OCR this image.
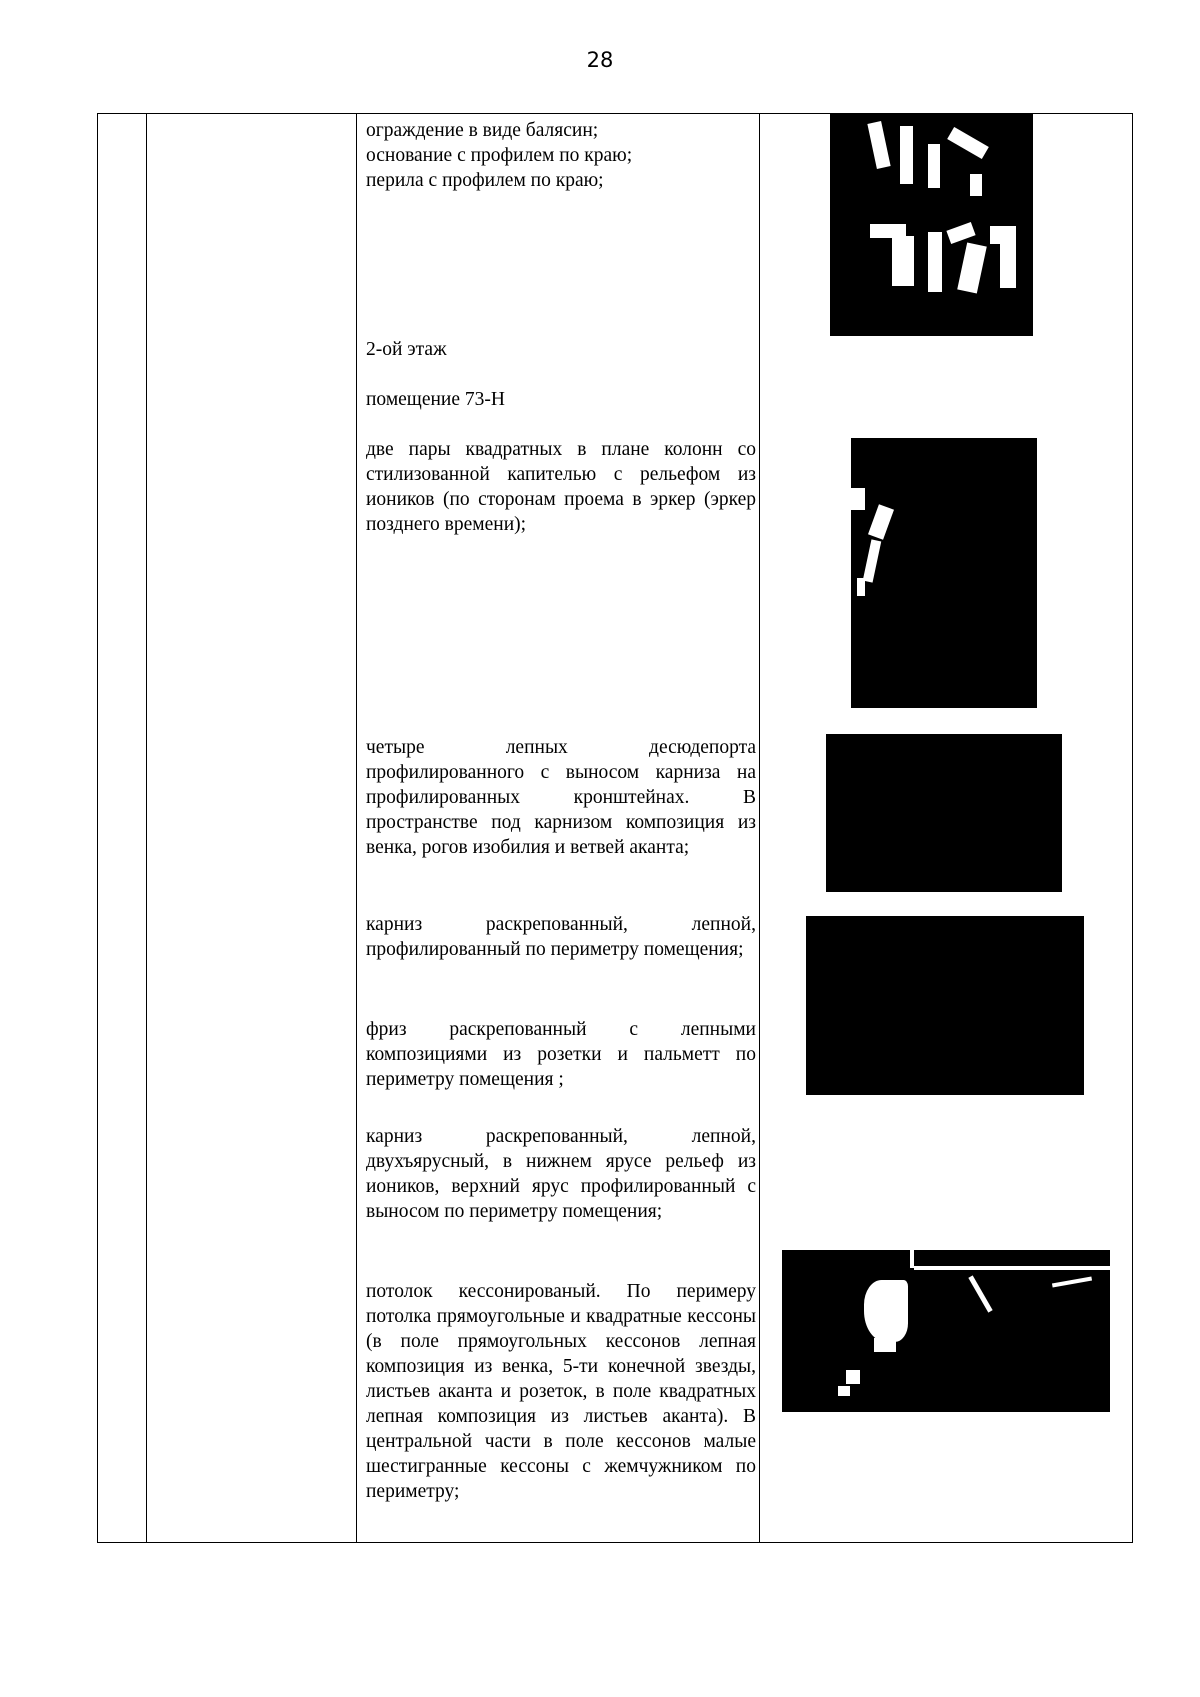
28

ограждение в виде балясин;
основание с профилем по краю;
перила с профилем по краю;

2-ой этаж

помещение 73-Н

две пары квадратных в плане колонн со стилизованной капителью с рельефом из иоников (по сторонам проема в эркер (эркер позднего времени);

четыре лепных десюдепорта профилированного с выносом карниза на профилированных кронштейнах. В пространстве под карнизом композиция из венка, рогов изобилия и ветвей аканта;

карниз раскрепованный, лепной, профилированный по периметру помещения;

фриз раскрепованный с лепными композициями из розетки и пальметт по периметру помещения ;

карниз раскрепованный, лепной, двухъярусный, в нижнем ярусе рельеф из иоников, верхний ярус профилированный с выносом по периметру помещения;

потолок кессонированый. По перимеру потолка прямоугольные и квадратные кессоны (в поле прямоугольных кессонов лепная композиция из венка, 5-ти конечной звезды, листьев аканта и розеток, в поле квадратных лепная композиция из листьев аканта). В центральной части в поле кессонов малые шестигранные кессоны с жемчужником по периметру;
